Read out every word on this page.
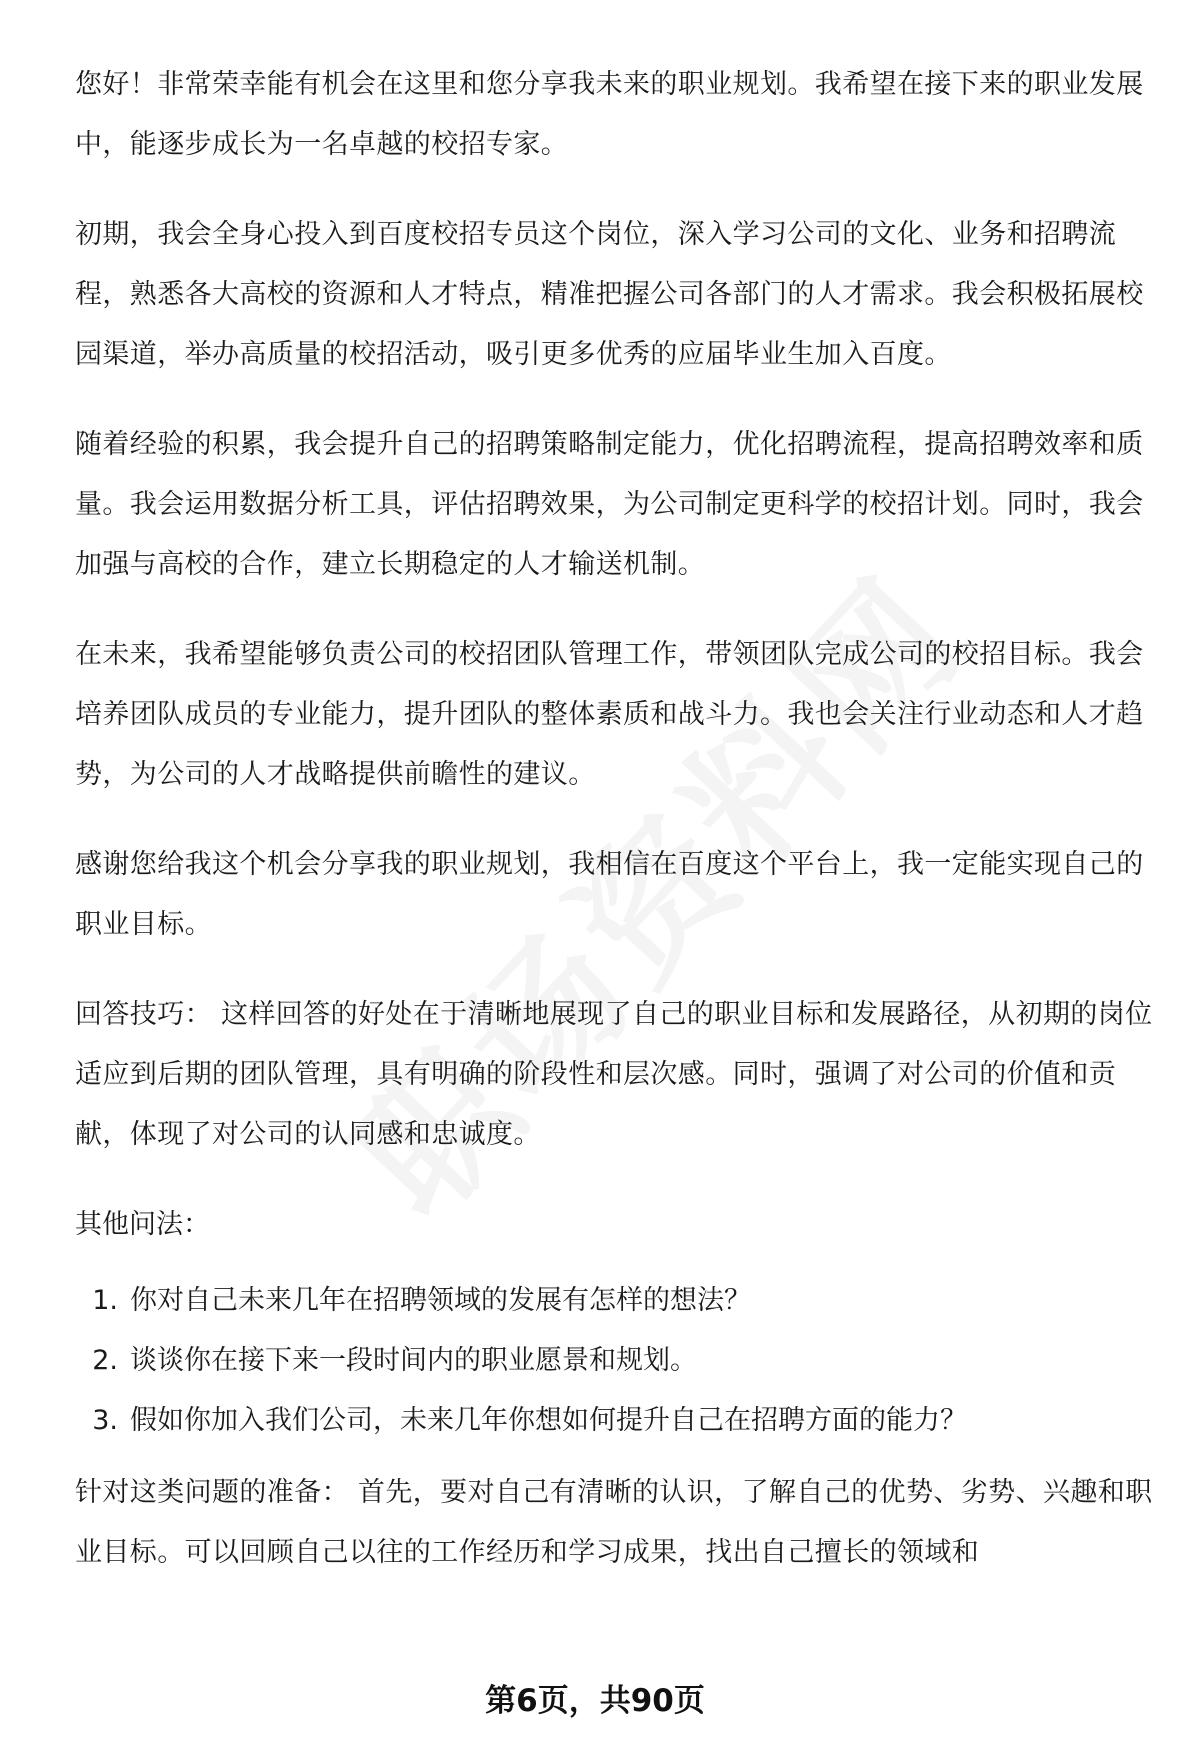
您好！非常荣幸能有机会在这里和您分享我未来的职业规划。我希望在接下来的职业发展中，能逐步成长为一名卓越的校招专家。

初期，我会全身心投入到百度校招专员这个岗位，深入学习公司的文化、业务和招聘流程，熟悉各大高校的资源和人才特点，精准把握公司各部门的人才需求。我会积极拓展校园渠道，举办高质量的校招活动，吸引更多优秀的应届毕业生加入百度。

随着经验的积累，我会提升自己的招聘策略制定能力，优化招聘流程，提高招聘效率和质量。我会运用数据分析工具，评估招聘效果，为公司制定更科学的校招计划。同时，我会加强与高校的合作，建立长期稳定的人才输送机制。

在未来，我希望能够负责公司的校招团队管理工作，带领团队完成公司的校招目标。我会培养团队成员的专业能力，提升团队的整体素质和战斗力。我也会关注行业动态和人才趋势，为公司的人才战略提供前瞻性的建议。

感谢您给我这个机会分享我的职业规划，我相信在百度这个平台上，我一定能实现自己的职业目标。

回答技巧： 这样回答的好处在于清晰地展现了自己的职业目标和发展路径，从初期的岗位适应到后期的团队管理，具有明确的阶段性和层次感。同时，强调了对公司的价值和贡献，体现了对公司的认同感和忠诚度。

其他问法：

1. 你对自己未来几年在招聘领域的发展有怎样的想法？
2. 谈谈你在接下来一段时间内的职业愿景和规划。
3. 假如你加入我们公司，未来几年你想如何提升自己在招聘方面的能力？

针对这类问题的准备： 首先，要对自己有清晰的认识，了解自己的优势、劣势、兴趣和职业目标。可以回顾自己以往的工作经历和学习成果，找出自己擅长的领域和

第6页，共90页
